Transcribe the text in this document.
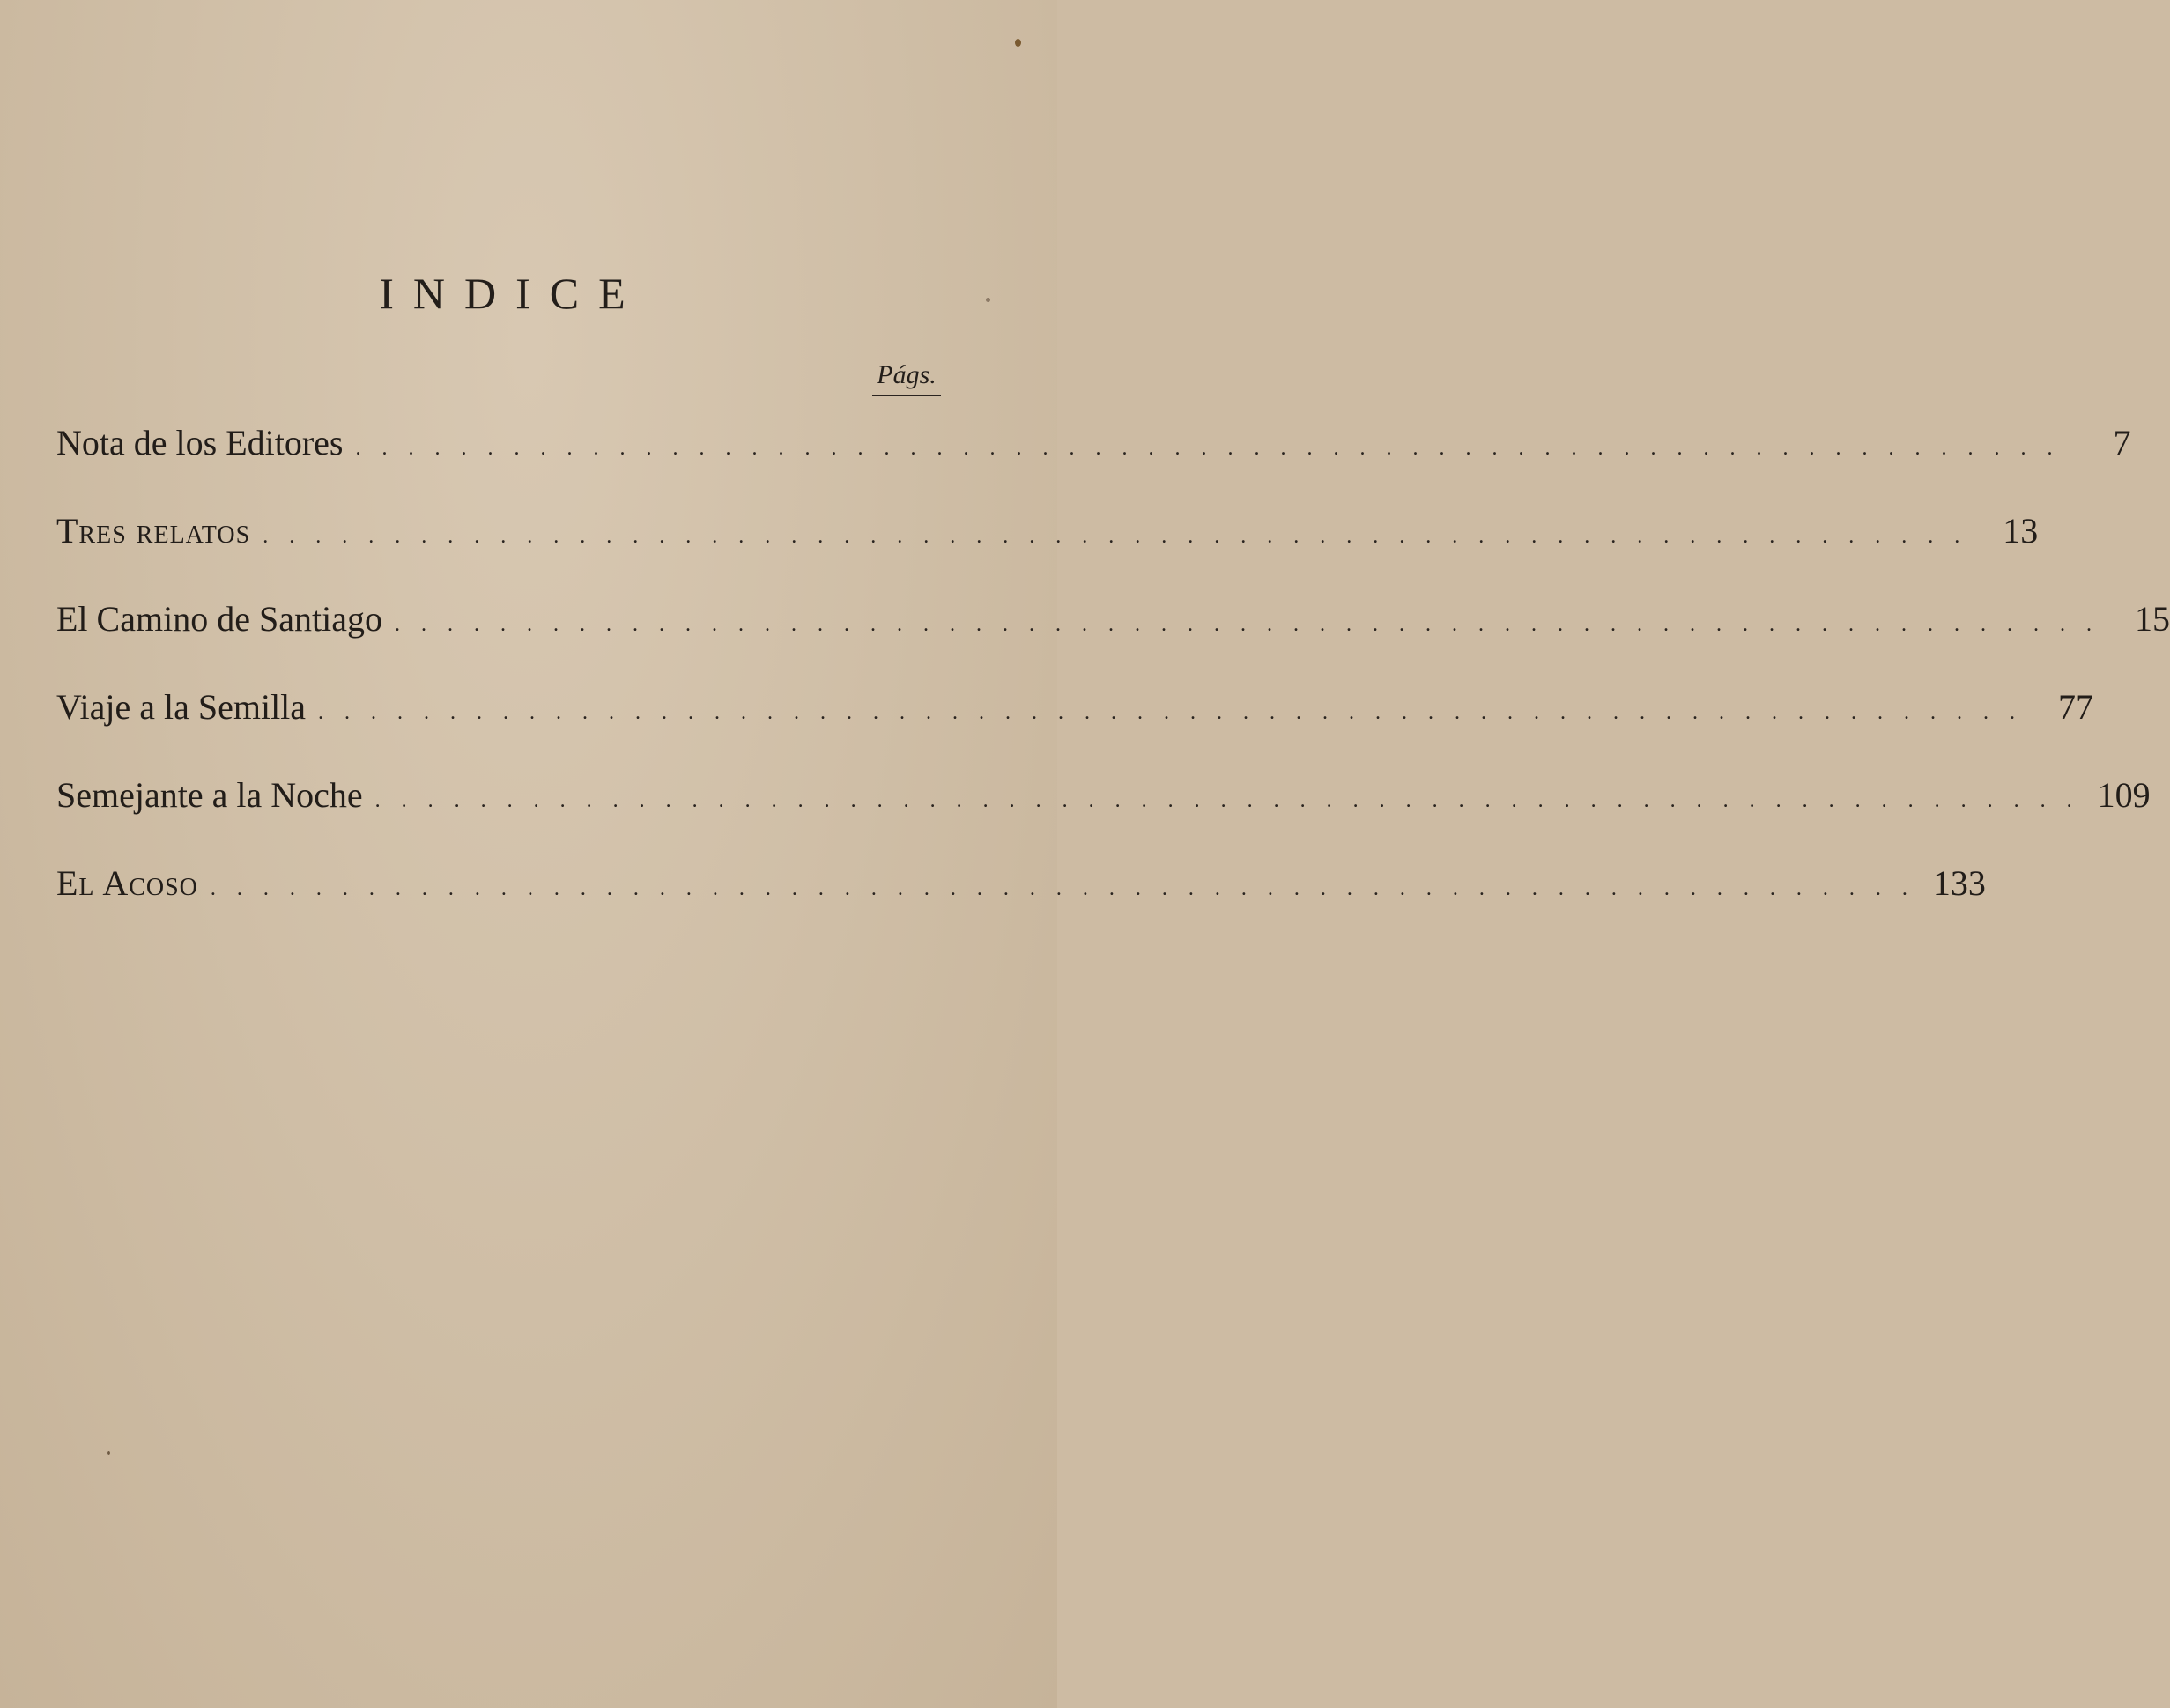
INDICE
Págs.
Nota de los Editores . . . . . . . . . . . . . . . . . . . . . . . . . . . . . . . . . . . . . . . . . . . . . . . . . . . . . . . . . . . . . . . . .	7
Tres relatos . . . . . . . . . . . . . . . . . . . . . . . . . . . . . . . . . . . . . . . . . . . . . . . . . . . . . . . . . . . . . . . . .	13
El Camino de Santiago . . . . . . . . . . . . . . . . . . . . . . . . . . . . . . . . . . . . . . . . . . . . . . . . . . . . . . . . . . . . . . . . .	15
Viaje a la Semilla . . . . . . . . . . . . . . . . . . . . . . . . . . . . . . . . . . . . . . . . . . . . . . . . . . . . . . . . . . . . . . . . .	77
Semejante a la Noche . . . . . . . . . . . . . . . . . . . . . . . . . . . . . . . . . . . . . . . . . . . . . . . . . . . . . . . . . . . . . . . . . 109
El Acoso . . . . . . . . . . . . . . . . . . . . . . . . . . . . . . . . . . . . . . . . . . . . . . . . . . . . . . . . . . . . . . . . . 133
